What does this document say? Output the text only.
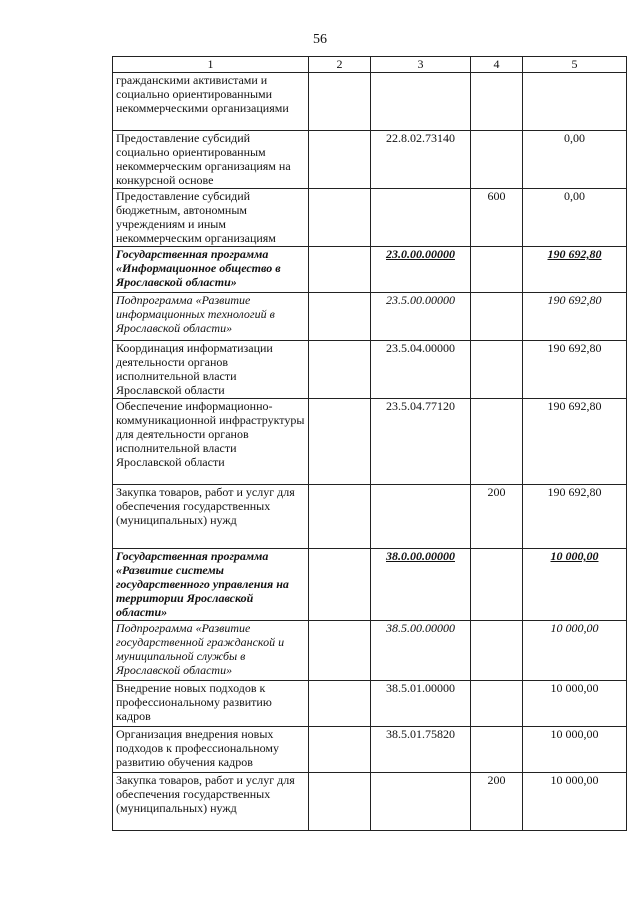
56
1	2	3	4	5
гражданскими активистами и социально ориентированными некоммерческими организациями				
Предоставление субсидий социально ориентированным некоммерческим организациям на конкурсной основе		22.8.02.73140		0,00
Предоставление субсидий бюджетным, автономным учреждениям и иным некоммерческим организациям			600	0,00
Государственная программа «Информационное общество в Ярославской области»		23.0.00.00000		190 692,80
Подпрограмма «Развитие информационных технологий в Ярославской области»		23.5.00.00000		190 692,80
Координация информатизации деятельности органов исполнительной власти Ярославской области		23.5.04.00000		190 692,80
Обеспечение информационно-коммуникационной инфраструктуры для деятельности органов исполнительной власти Ярославской области		23.5.04.77120		190 692,80
Закупка товаров, работ и услуг для обеспечения государственных (муниципальных) нужд			200	190 692,80
Государственная программа «Развитие системы государственного управления на территории Ярославской области»		38.0.00.00000		10 000,00
Подпрограмма «Развитие государственной гражданской и муниципальной службы в Ярославской области»		38.5.00.00000		10 000,00
Внедрение новых подходов к профессиональному развитию кадров		38.5.01.00000		10 000,00
Организация внедрения новых подходов к профессиональному развитию обучения кадров		38.5.01.75820		10 000,00
Закупка товаров, работ и услуг для обеспечения государственных (муниципальных) нужд			200	10 000,00
